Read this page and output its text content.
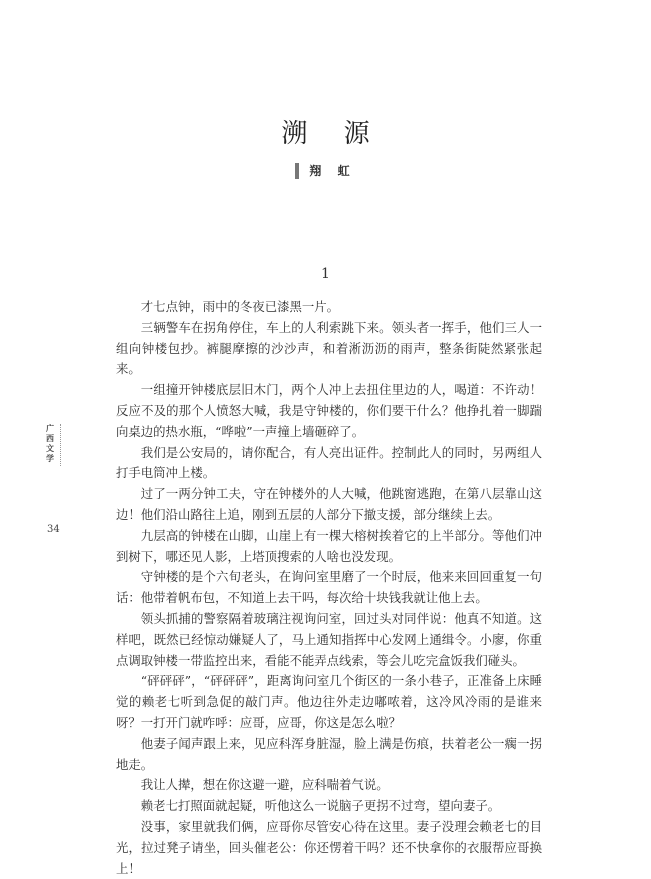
溯 源
翔 虹
1
广
西
文
学
34

才七点钟，雨中的冬夜已漆黑一片。

三辆警车在拐角停住，车上的人利索跳下来。领头者一挥手，他们三人一组向钟楼包抄。裤腿摩擦的沙沙声，和着淅沥沥的雨声，整条街陡然紧张起来。

一组撞开钟楼底层旧木门，两个人冲上去扭住里边的人，喝道：不许动！反应不及的那个人愤怒大喊，我是守钟楼的，你们要干什么？他挣扎着一脚踹向桌边的热水瓶，“哗啦”一声撞上墙砸碎了。

我们是公安局的，请你配合，有人亮出证件。控制此人的同时，另两组人打手电筒冲上楼。

过了一两分钟工夫，守在钟楼外的人大喊，他跳窗逃跑，在第八层靠山这边！他们沿山路往上追，刚到五层的人部分下撤支援，部分继续上去。

九层高的钟楼在山脚，山崖上有一棵大榕树挨着它的上半部分。等他们冲到树下，哪还见人影，上塔顶搜索的人啥也没发现。

守钟楼的是个六旬老头，在询问室里磨了一个时辰，他来来回回重复一句话：他带着帆布包，不知道上去干吗，每次给十块钱我就让他上去。

领头抓捕的警察隔着玻璃注视询问室，回过头对同伴说：他真不知道。这样吧，既然已经惊动嫌疑人了，马上通知指挥中心发网上通缉令。小廖，你重点调取钟楼一带监控出来，看能不能弄点线索，等会儿吃完盒饭我们碰头。

“砰砰砰”，“砰砰砰”，距离询问室几个街区的一条小巷子，正准备上床睡觉的赖老七听到急促的敲门声。他边往外走边嘟哝着，这冷风冷雨的是谁来呀？一打开门就咋呼：应哥，应哥，你这是怎么啦？

他妻子闻声跟上来，见应科浑身脏湿，脸上满是伤痕，扶着老公一瘸一拐地走。

我让人撵，想在你这避一避，应科喘着气说。

赖老七打照面就起疑，听他这么一说脑子更拐不过弯，望向妻子。

没事，家里就我们俩，应哥你尽管安心待在这里。妻子没理会赖老七的目光，拉过凳子请坐，回头催老公：你还愣着干吗？还不快拿你的衣服帮应哥换上！
